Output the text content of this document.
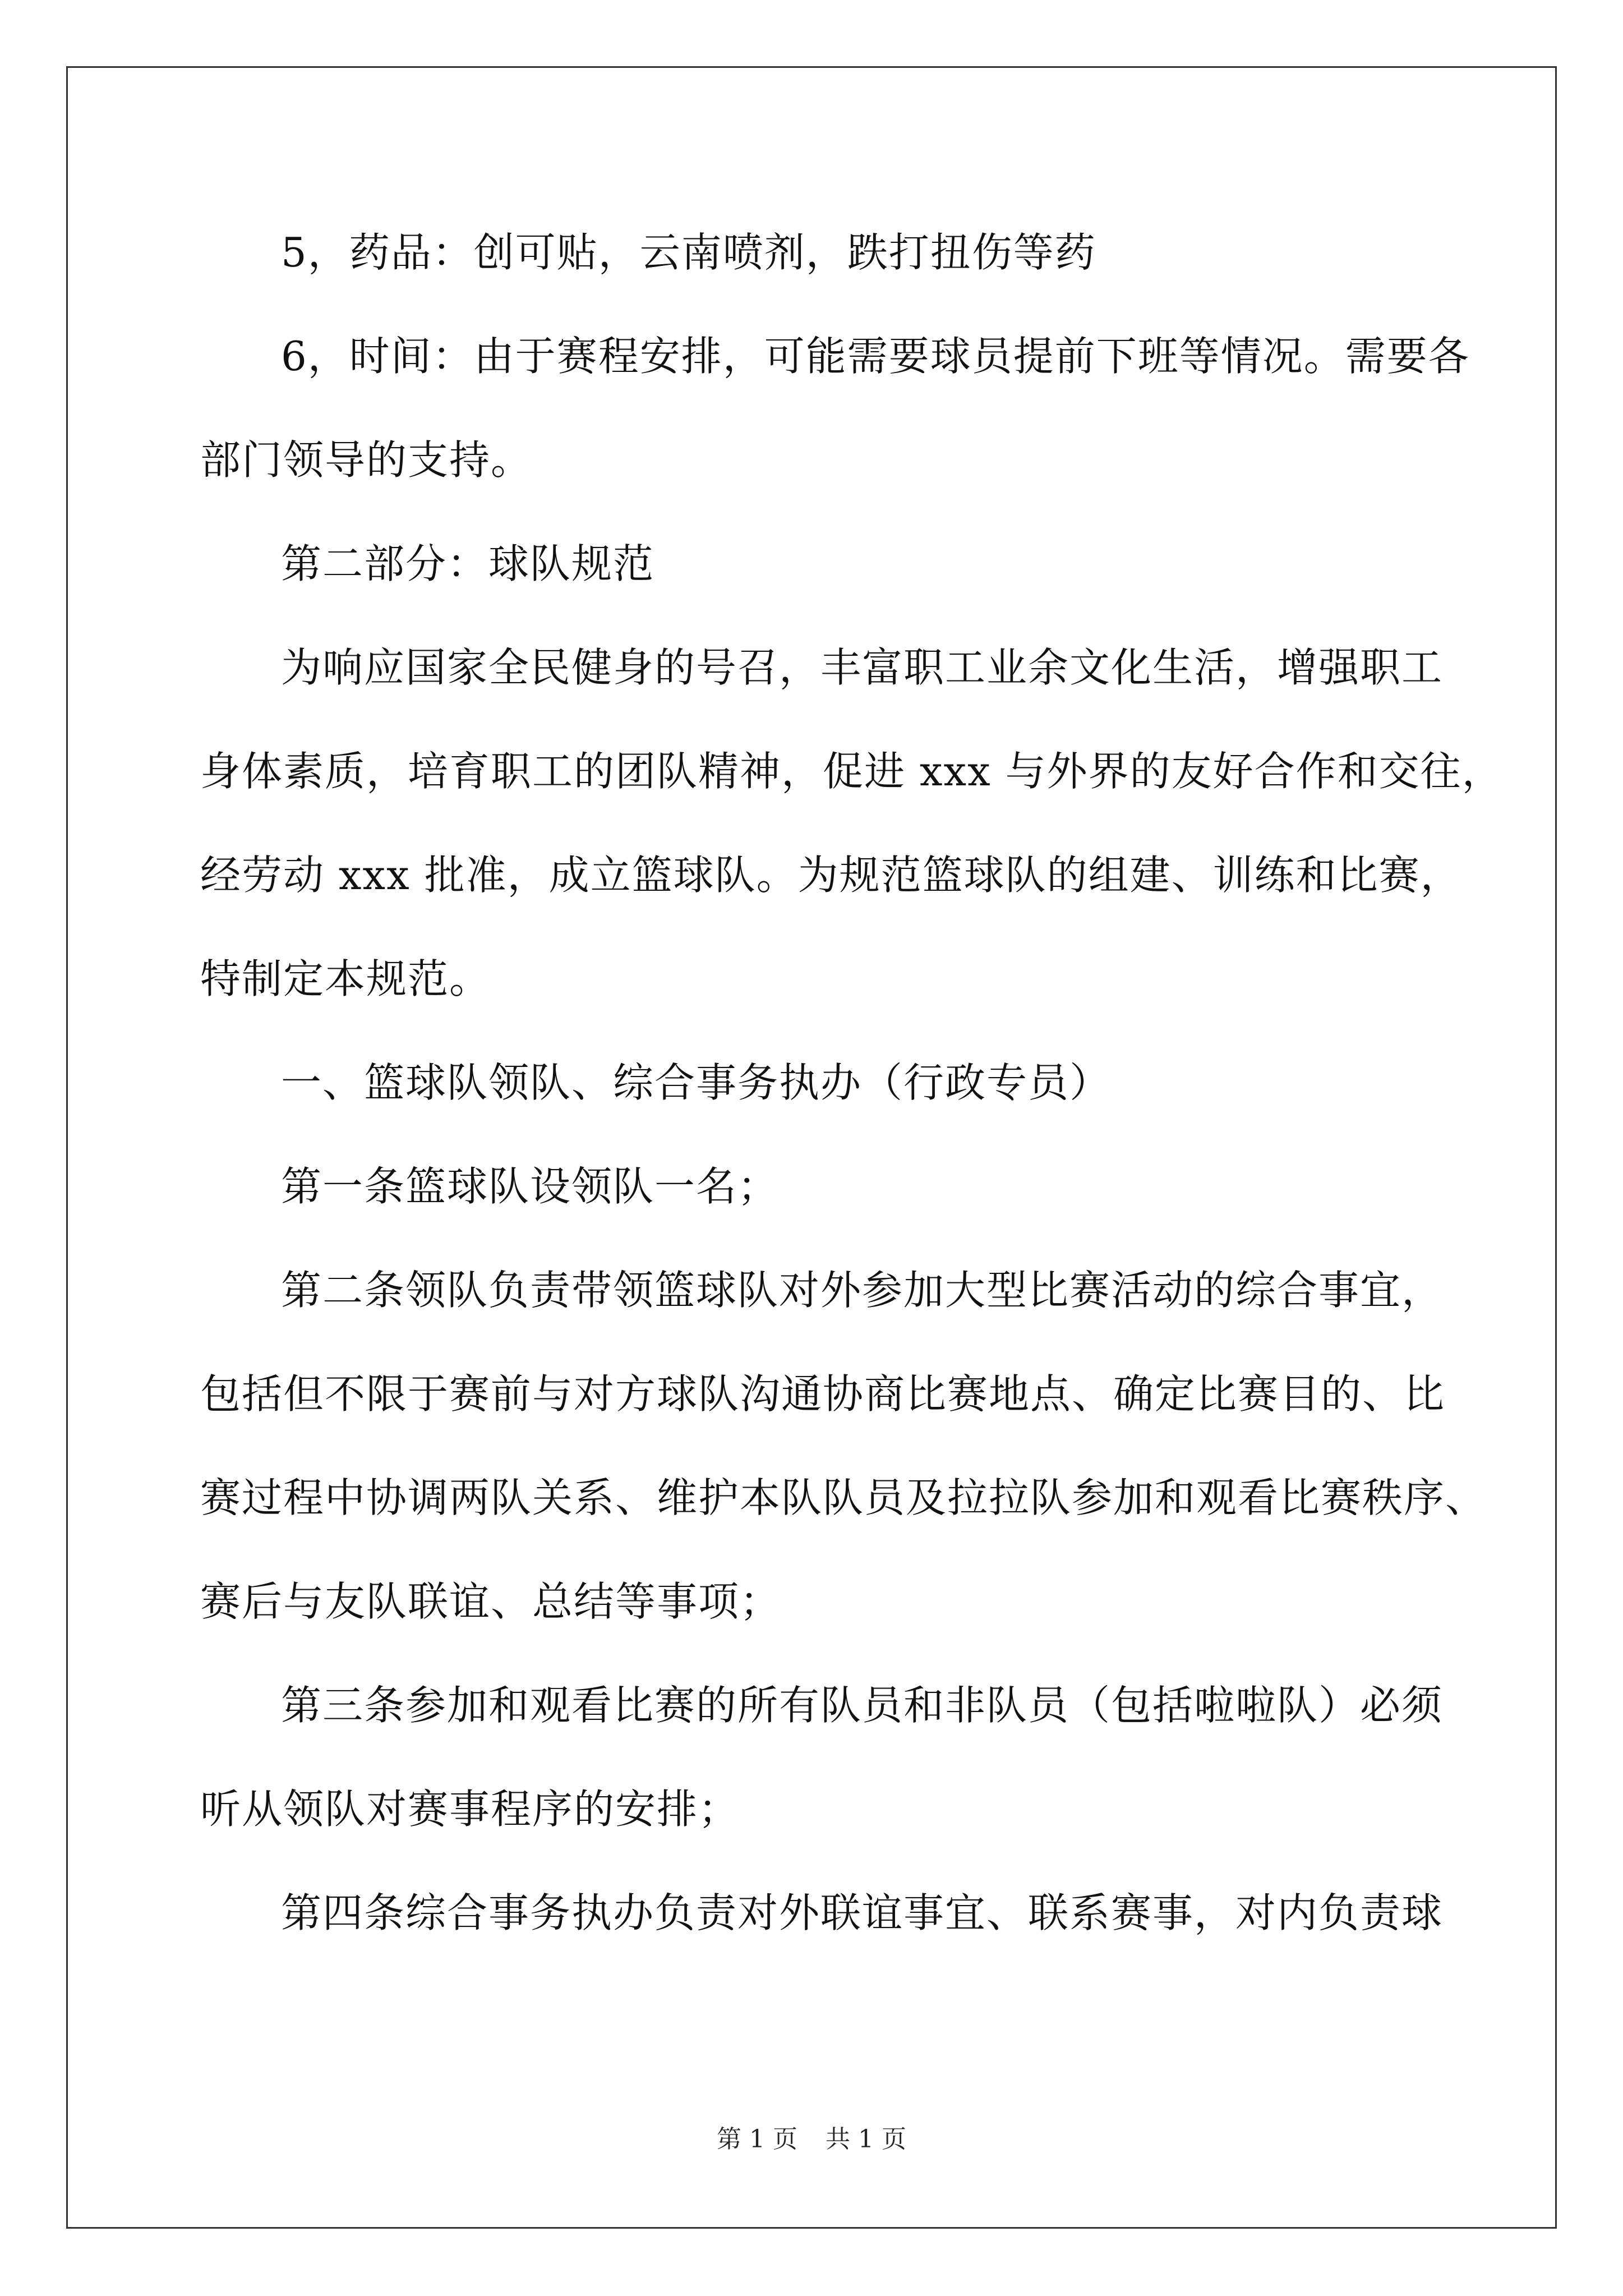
5，药品：创可贴，云南喷剂，跌打扭伤等药
6，时间：由于赛程安排，可能需要球员提前下班等情况。需要各
部门领导的支持。
第二部分：球队规范
为响应国家全民健身的号召，丰富职工业余文化生活，增强职工
身体素质，培育职工的团队精神，促进 xxx 与外界的友好合作和交往，
经劳动 xxx 批准，成立篮球队。为规范篮球队的组建、训练和比赛，
特制定本规范。
一、篮球队领队、综合事务执办（行政专员）
第一条篮球队设领队一名；
第二条领队负责带领篮球队对外参加大型比赛活动的综合事宜，
包括但不限于赛前与对方球队沟通协商比赛地点、确定比赛目的、比
赛过程中协调两队关系、维护本队队员及拉拉队参加和观看比赛秩序、
赛后与友队联谊、总结等事项；
第三条参加和观看比赛的所有队员和非队员（包括啦啦队）必须
听从领队对赛事程序的安排；
第四条综合事务执办负责对外联谊事宜、联系赛事，对内负责球
第 1 页 共 1 页
